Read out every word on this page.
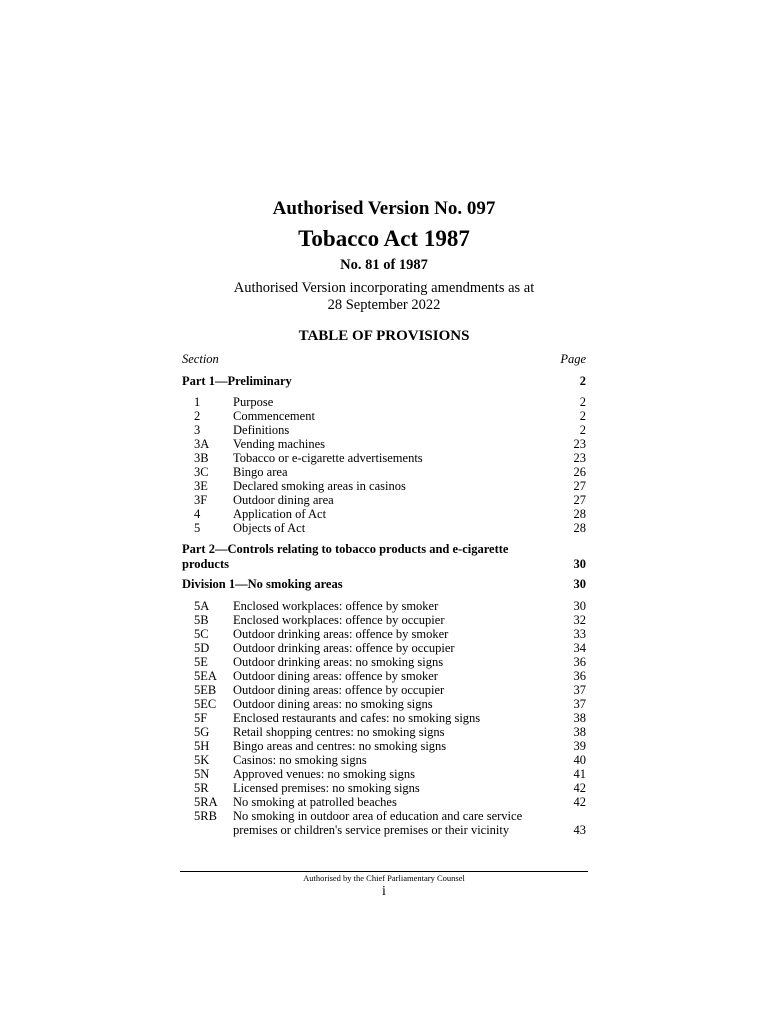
Authorised Version No. 097
Tobacco Act 1987
No. 81 of 1987
Authorised Version incorporating amendments as at
28 September 2022
TABLE OF PROVISIONS
Section	Page
Part 1—Preliminary	2
1	Purpose	2
2	Commencement	2
3	Definitions	2
3A	Vending machines	23
3B	Tobacco or e-cigarette advertisements	23
3C	Bingo area	26
3E	Declared smoking areas in casinos	27
3F	Outdoor dining area	27
4	Application of Act	28
5	Objects of Act	28
Part 2—Controls relating to tobacco products and e-cigarette
products	30
Division 1—No smoking areas	30
5A	Enclosed workplaces: offence by smoker	30
5B	Enclosed workplaces: offence by occupier	32
5C	Outdoor drinking areas: offence by smoker	33
5D	Outdoor drinking areas: offence by occupier	34
5E	Outdoor drinking areas: no smoking signs	36
5EA	Outdoor dining areas: offence by smoker	36
5EB	Outdoor dining areas: offence by occupier	37
5EC	Outdoor dining areas: no smoking signs	37
5F	Enclosed restaurants and cafes: no smoking signs	38
5G	Retail shopping centres: no smoking signs	38
5H	Bingo areas and centres: no smoking signs	39
5K	Casinos: no smoking signs	40
5N	Approved venues: no smoking signs	41
5R	Licensed premises: no smoking signs	42
5RA	No smoking at patrolled beaches	42
5RB	No smoking in outdoor area of education and care service
premises or children's service premises or their vicinity	43
Authorised by the Chief Parliamentary Counsel
i
